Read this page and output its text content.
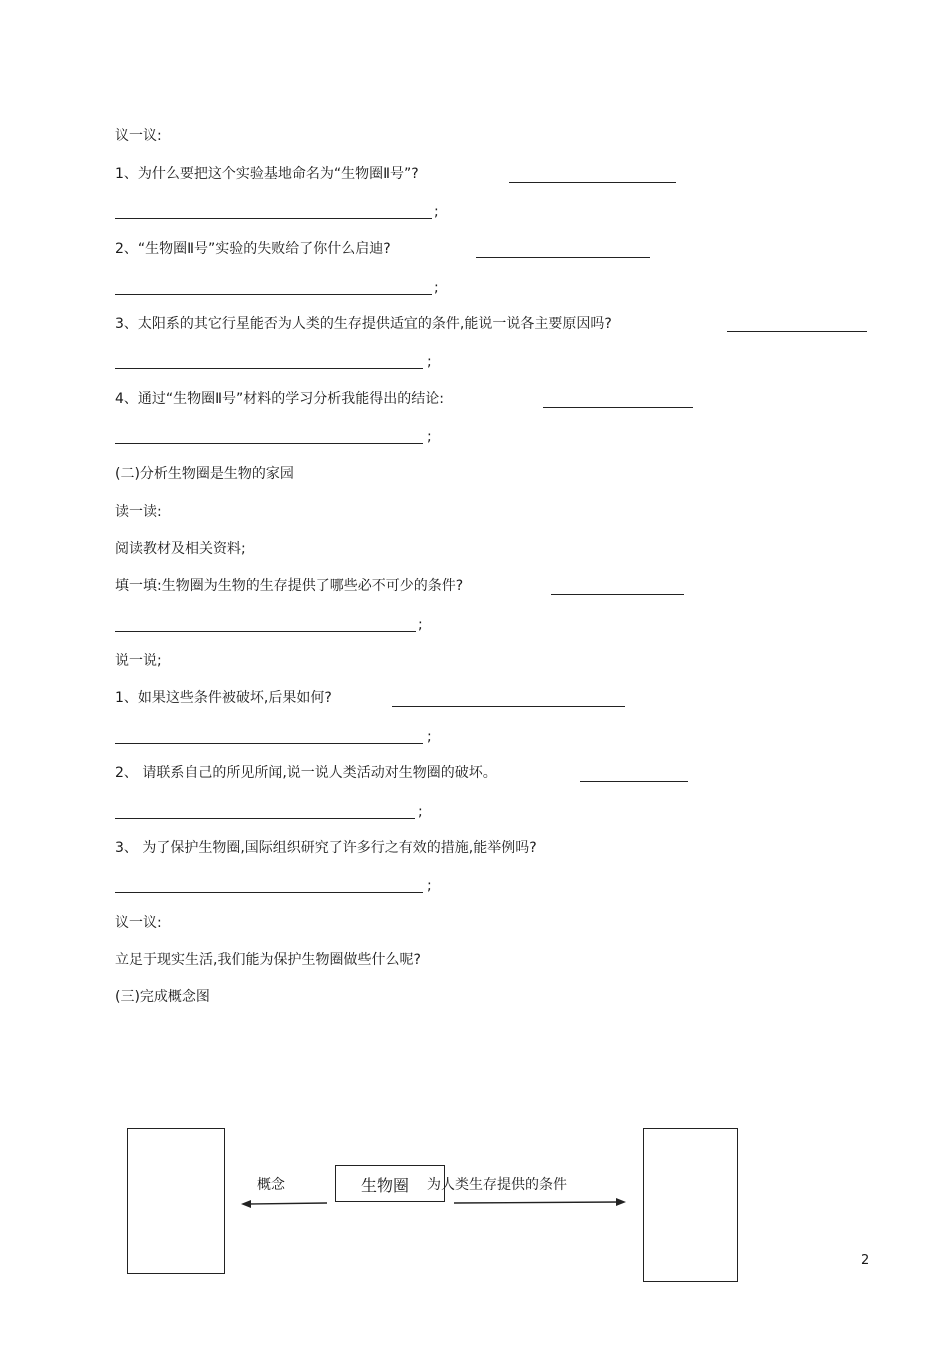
议一议:
1、为什么要把这个实验基地命名为“生物圈Ⅱ号”?
;
2、“生物圈Ⅱ号”实验的失败给了你什么启迪?
;
3、太阳系的其它行星能否为人类的生存提供适宜的条件,能说一说各主要原因吗?
;
4、通过“生物圈Ⅱ号”材料的学习分析我能得出的结论:
;
(二)分析生物圈是生物的家园
读一读:
阅读教材及相关资料;
填一填:生物圈为生物的生存提供了哪些必不可少的条件?
;
说一说;
1、如果这些条件被破坏,后果如何?
;
2、 请联系自己的所见所闻,说一说人类活动对生物圈的破坏。
;
3、 为了保护生物圈,国际组织研究了许多行之有效的措施,能举例吗?
;
议一议:
立足于现实生活,我们能为保护生物圈做些什么呢?
(三)完成概念图
生物圈
概念	为人类生存提供的条件
2
